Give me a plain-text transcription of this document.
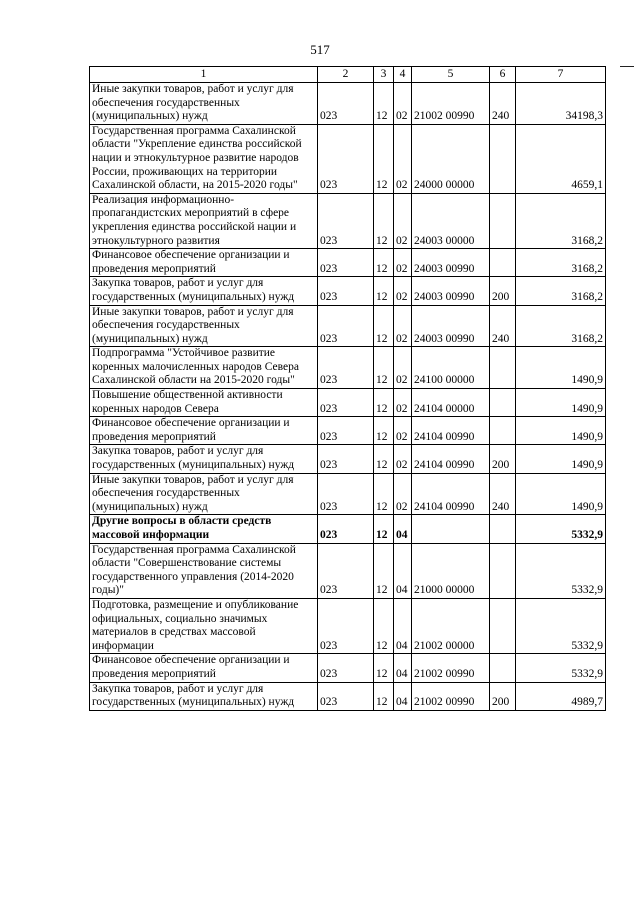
517
1	2	3	4	5	6	7
Иные закупки товаров, работ и услуг для обеспечения государственных (муниципальных) нужд	023	12	02	21002 00990	240	34198,3
Государственная программа Сахалинской области "Укрепление единства российской нации и этнокультурное развитие народов России, проживающих на территории Сахалинской области, на 2015-2020 годы"	023	12	02	24000 00000		4659,1
Реализация информационно-пропагандистских мероприятий в сфере укрепления единства российской нации и этнокультурного развития	023	12	02	24003 00000		3168,2
Финансовое обеспечение организации и проведения мероприятий	023	12	02	24003 00990		3168,2
Закупка товаров, работ и услуг для государственных (муниципальных) нужд	023	12	02	24003 00990	200	3168,2
Иные закупки товаров, работ и услуг для обеспечения государственных (муниципальных) нужд	023	12	02	24003 00990	240	3168,2
Подпрограмма "Устойчивое развитие коренных малочисленных народов Севера Сахалинской области на 2015-2020 годы"	023	12	02	24100 00000		1490,9
Повышение общественной активности коренных народов Севера	023	12	02	24104 00000		1490,9
Финансовое обеспечение организации и проведения мероприятий	023	12	02	24104 00990		1490,9
Закупка товаров, работ и услуг для государственных (муниципальных) нужд	023	12	02	24104 00990	200	1490,9
Иные закупки товаров, работ и услуг для обеспечения государственных (муниципальных) нужд	023	12	02	24104 00990	240	1490,9
Другие вопросы в области средств массовой информации	023	12	04			5332,9
Государственная программа Сахалинской области "Совершенствование системы государственного управления (2014-2020 годы)"	023	12	04	21000 00000		5332,9
Подготовка, размещение и опубликование официальных, социально значимых материалов в средствах массовой информации	023	12	04	21002 00000		5332,9
Финансовое обеспечение организации и проведения мероприятий	023	12	04	21002 00990		5332,9
Закупка товаров, работ и услуг для государственных (муниципальных) нужд	023	12	04	21002 00990	200	4989,7
